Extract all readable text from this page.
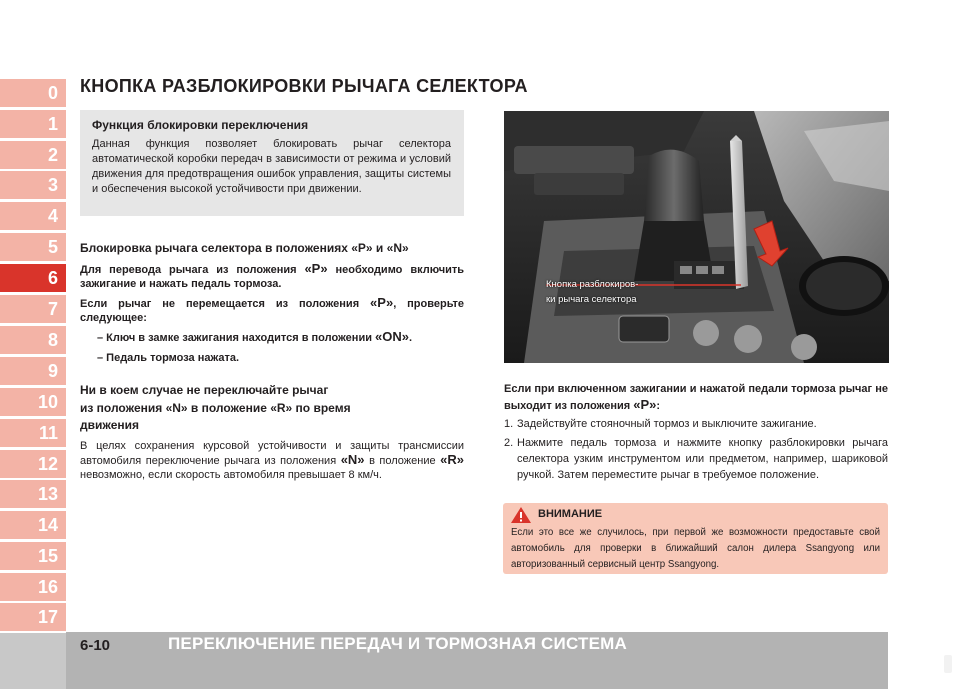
0
1
2
3
4
5
6
7
8
9
10
11
12
13
14
15
16
17
КНОПКА РАЗБЛОКИРОВКИ РЫЧАГА СЕЛЕКТОРА
Функция блокировки переключения
Данная функция позволяет блокировать рычаг селектора автоматической коробки передач в зависимости от режима и условий движения для предотвращения ошибок управления, защиты системы и обеспечения высокой устойчивости при движении.
Блокировка рычага селектора в положениях «P» и «N»
Для перевода рычага из положения «P» необходимо включить зажигание и нажать педаль тормоза.
Если рычаг не перемещается из положения «P», проверьте следующее:
– Ключ в замке зажигания находится в положении «ON».
– Педаль тормоза нажата.
Ни в коем случае не переключайте рычаг
из положения «N» в положение «R» по время
движения
В целях сохранения курсовой устойчивости и защиты трансмиссии автомобиля переключение рычага из положения «N» в положение «R» невозможно, если скорость автомобиля превышает 8 км/ч.
Кнопка разблокиров-
ки рычага селектора
Если при включенном зажигании и нажатой педали тормоза рычаг не выходит из положения «P»:
1. Задействуйте стояночный тормоз и выключите зажигание.
2. Нажмите педаль тормоза и нажмите кнопку разблокировки рычага селектора узким инструментом или предметом, например, шариковой ручкой. Затем переместите рычаг в требуемое положение.
ВНИМАНИЕ
Если это все же случилось, при первой же возможности предоставьте свой автомобиль для проверки в ближайший салон дилера Ssangyong или авторизованный сервисный центр Ssangyong.
6-10	ПЕРЕКЛЮЧЕНИЕ ПЕРЕДАЧ И ТОРМОЗНАЯ СИСТЕМА
